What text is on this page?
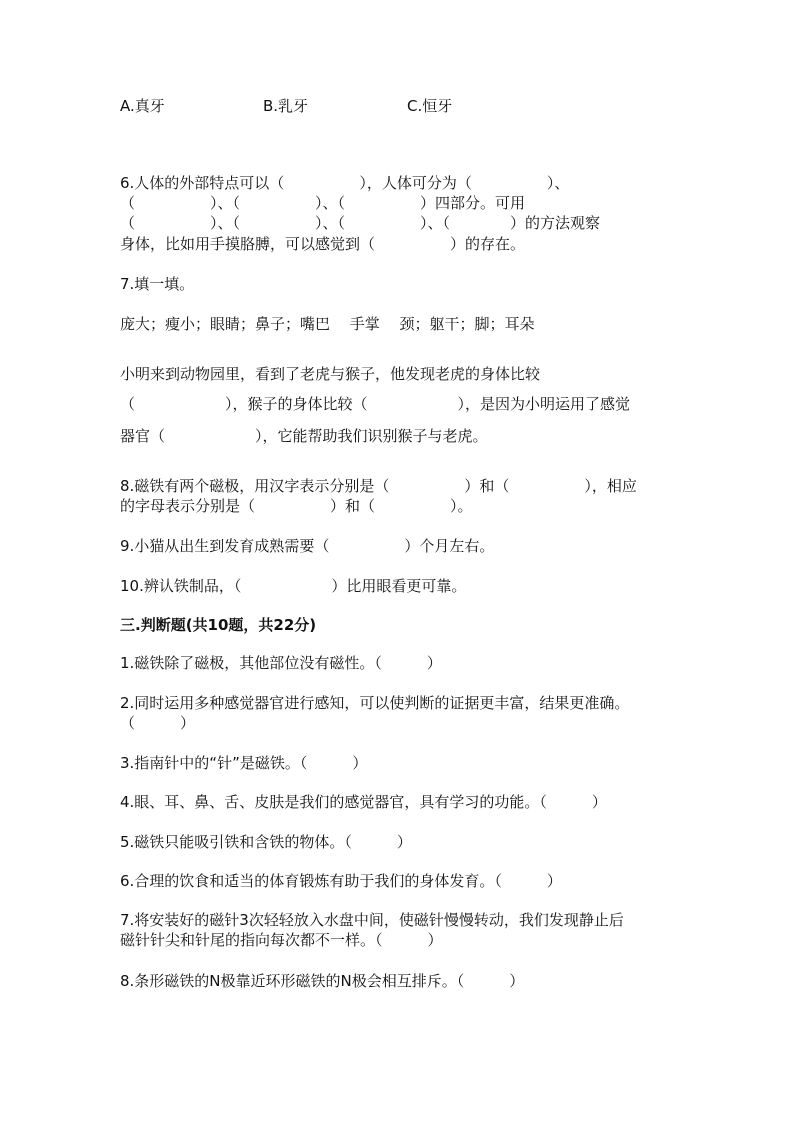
A.真牙	B.乳牙	C.恒牙
6.人体的外部特点可以（　　　　　），人体可分为（　　　　　）、
（　　　　　）、（　　　　　）、（　　　　　）四部分。可用
（　　　　　）、（　　　　　）、（　　　　　）、（　　　　）的方法观察
身体，比如用手摸胳膊，可以感觉到（　　　　　）的存在。
7.填一填。
庞大；瘦小；眼睛；鼻子；嘴巴　 手掌　 颈；躯干；脚；耳朵
小明来到动物园里，看到了老虎与猴子，他发现老虎的身体比较
（　　　　　　），猴子的身体比较（　　　　　　），是因为小明运用了感觉
器官（　　　　　　），它能帮助我们识别猴子与老虎。
8.磁铁有两个磁极，用汉字表示分别是（　　　　　）和（　　　　　），相应
的字母表示分别是（　　　　　）和（　　　　　）。
9.小猫从出生到发育成熟需要（　　　　　）个月左右。
10.辨认铁制品，（　　　　　　）比用眼看更可靠。
三.判断题(共10题，共22分)
1.磁铁除了磁极，其他部位没有磁性。（　　　）
2.同时运用多种感觉器官进行感知，可以使判断的证据更丰富，结果更准确。
（　　　）
3.指南针中的“针”是磁铁。（　　　）
4.眼、耳、鼻、舌、皮肤是我们的感觉器官，具有学习的功能。（　　　）
5.磁铁只能吸引铁和含铁的物体。（　　　）
6.合理的饮食和适当的体育锻炼有助于我们的身体发育。（　　　）
7.将安装好的磁针3次轻轻放入水盘中间，使磁针慢慢转动，我们发现静止后
磁针针尖和针尾的指向每次都不一样。（　　　）
8.条形磁铁的N极靠近环形磁铁的N极会相互排斥。（　　　）
